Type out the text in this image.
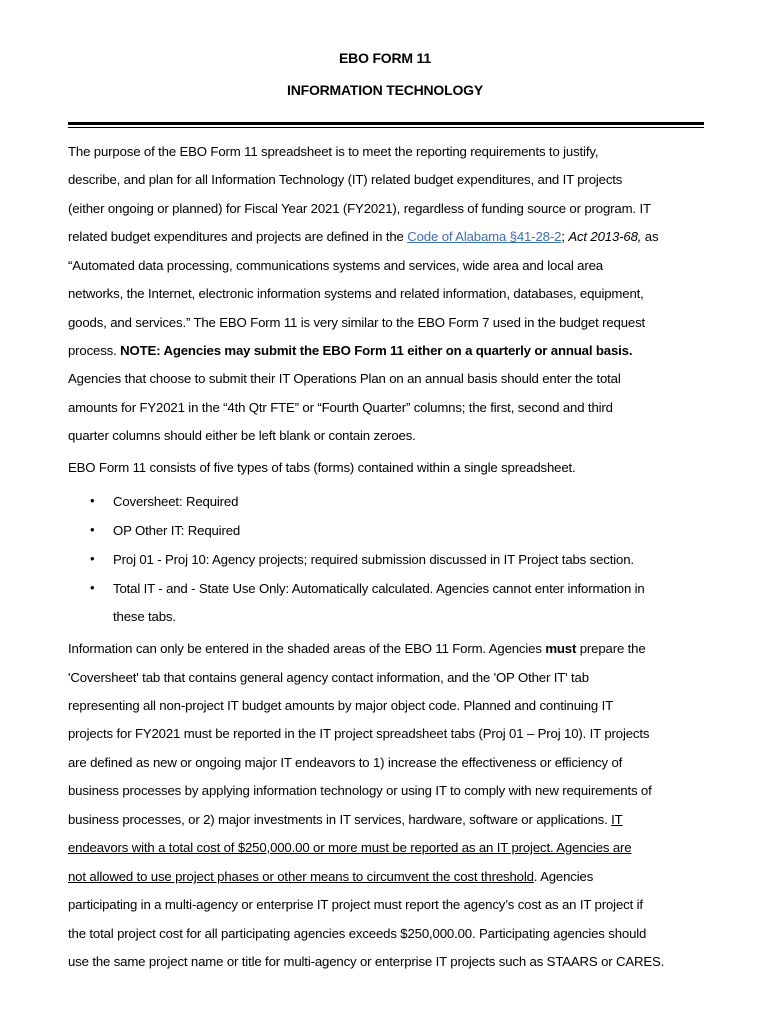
EBO FORM 11
INFORMATION TECHNOLOGY
The purpose of the EBO Form 11 spreadsheet is to meet the reporting requirements to justify,
describe, and plan for all Information Technology (IT) related budget expenditures, and IT projects
(either ongoing or planned) for Fiscal Year 2021 (FY2021), regardless of funding source or program. IT
related budget expenditures and projects are defined in the Code of Alabama §41-28-2; Act 2013-68, as
“Automated data processing, communications systems and services, wide area and local area
networks, the Internet, electronic information systems and related information, databases, equipment,
goods, and services.” The EBO Form 11 is very similar to the EBO Form 7 used in the budget request
process. NOTE: Agencies may submit the EBO Form 11 either on a quarterly or annual basis.
Agencies that choose to submit their IT Operations Plan on an annual basis should enter the total
amounts for FY2021 in the “4th Qtr FTE” or “Fourth Quarter” columns; the first, second and third
quarter columns should either be left blank or contain zeroes.
EBO Form 11 consists of five types of tabs (forms) contained within a single spreadsheet.
• Coversheet: Required
• OP Other IT: Required
• Proj 01 - Proj 10: Agency projects; required submission discussed in IT Project tabs section.
• Total IT - and - State Use Only: Automatically calculated. Agencies cannot enter information in
these tabs.
Information can only be entered in the shaded areas of the EBO 11 Form. Agencies must prepare the
'Coversheet' tab that contains general agency contact information, and the 'OP Other IT' tab
representing all non-project IT budget amounts by major object code. Planned and continuing IT
projects for FY2021 must be reported in the IT project spreadsheet tabs (Proj 01 – Proj 10). IT projects
are defined as new or ongoing major IT endeavors to 1) increase the effectiveness or efficiency of
business processes by applying information technology or using IT to comply with new requirements of
business processes, or 2) major investments in IT services, hardware, software or applications. IT
endeavors with a total cost of $250,000.00 or more must be reported as an IT project. Agencies are
not allowed to use project phases or other means to circumvent the cost threshold. Agencies
participating in a multi-agency or enterprise IT project must report the agency’s cost as an IT project if
the total project cost for all participating agencies exceeds $250,000.00. Participating agencies should
use the same project name or title for multi-agency or enterprise IT projects such as STAARS or CARES.
